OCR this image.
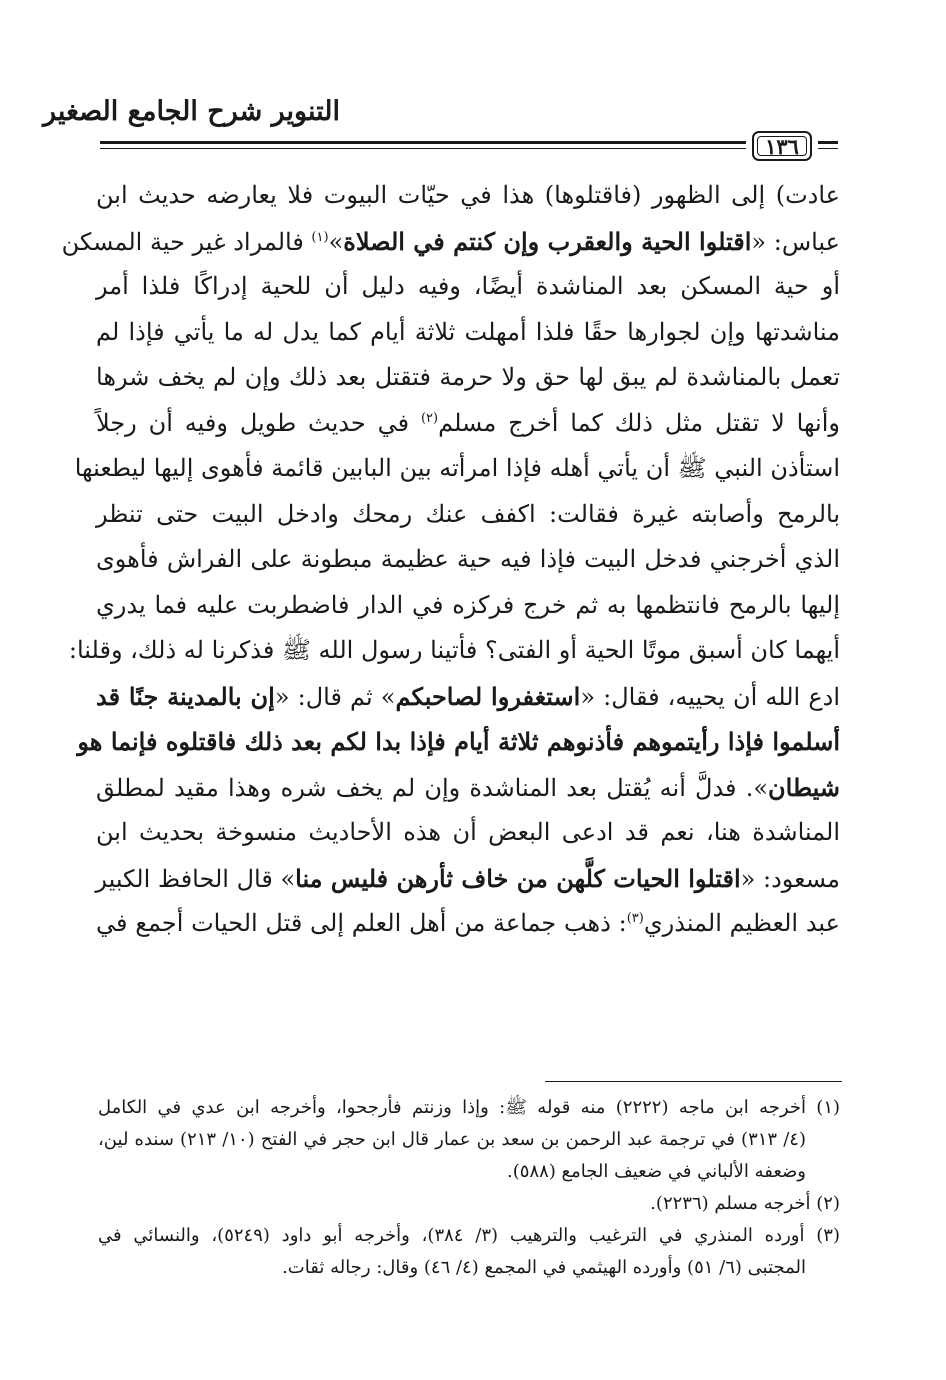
التنوير شرح الجامع الصغير
١٣٦
عادت) إلى الظهور (فاقتلوها) هذا في حيّات البيوت فلا يعارضه حديث ابن
عباس: «اقتلوا الحية والعقرب وإن كنتم في الصلاة»$^{(١)}$ فالمراد غير حية المسكن
أو حية المسكن بعد المناشدة أيضًا، وفيه دليل أن للحية إدراكًا فلذا أمر
مناشدتها وإن لجوارها حقًا فلذا أمهلت ثلاثة أيام كما يدل له ما يأتي فإذا لم
تعمل بالمناشدة لم يبق لها حق ولا حرمة فتقتل بعد ذلك وإن لم يخف شرها
وأنها لا تقتل مثل ذلك كما أخرج مسلم$^{(٢)}$ في حديث طويل وفيه أن رجلاً
استأذن النبي ﷺ أن يأتي أهله فإذا امرأته بين البابين قائمة فأهوى إليها ليطعنها
بالرمح وأصابته غيرة فقالت: اكفف عنك رمحك وادخل البيت حتى تنظر
الذي أخرجني فدخل البيت فإذا فيه حية عظيمة مبطونة على الفراش فأهوى
إليها بالرمح فانتظمها به ثم خرج فركزه في الدار فاضطربت عليه فما يدري
أيهما كان أسبق موتًا الحية أو الفتى؟ فأتينا رسول الله ﷺ فذكرنا له ذلك، وقلنا:
ادع الله أن يحييه، فقال: «استغفروا لصاحبكم» ثم قال: «إن بالمدينة جنًا قد
أسلموا فإذا رأيتموهم فأذنوهم ثلاثة أيام فإذا بدا لكم بعد ذلك فاقتلوه فإنما هو
شيطان». فدلَّ أنه يُقتل بعد المناشدة وإن لم يخف شره وهذا مقيد لمطلق
المناشدة هنا، نعم قد ادعى البعض أن هذه الأحاديث منسوخة بحديث ابن
مسعود: «اقتلوا الحيات كلَّهن من خاف ثأرهن فليس منا» قال الحافظ الكبير
عبد العظيم المنذري$^{(٣)}$: ذهب جماعة من أهل العلم إلى قتل الحيات أجمع في
(١) أخرجه ابن ماجه (٢٢٢٢) منه قوله ﷺ: وإذا وزنتم فأرجحوا، وأخرجه ابن عدي في الكامل
(٤/ ٣١٣) في ترجمة عبد الرحمن بن سعد بن عمار قال ابن حجر في الفتح (١٠/ ٢١٣) سنده لين،
وضعفه الألباني في ضعيف الجامع (٥٨٨).
(٢) أخرجه مسلم (٢٢٣٦).
(٣) أورده المنذري في الترغيب والترهيب (٣/ ٣٨٤)، وأخرجه أبو داود (٥٢٤٩)، والنسائي في
المجتبى (٦/ ٥١) وأورده الهيثمي في المجمع (٤/ ٤٦) وقال: رجاله ثقات.
